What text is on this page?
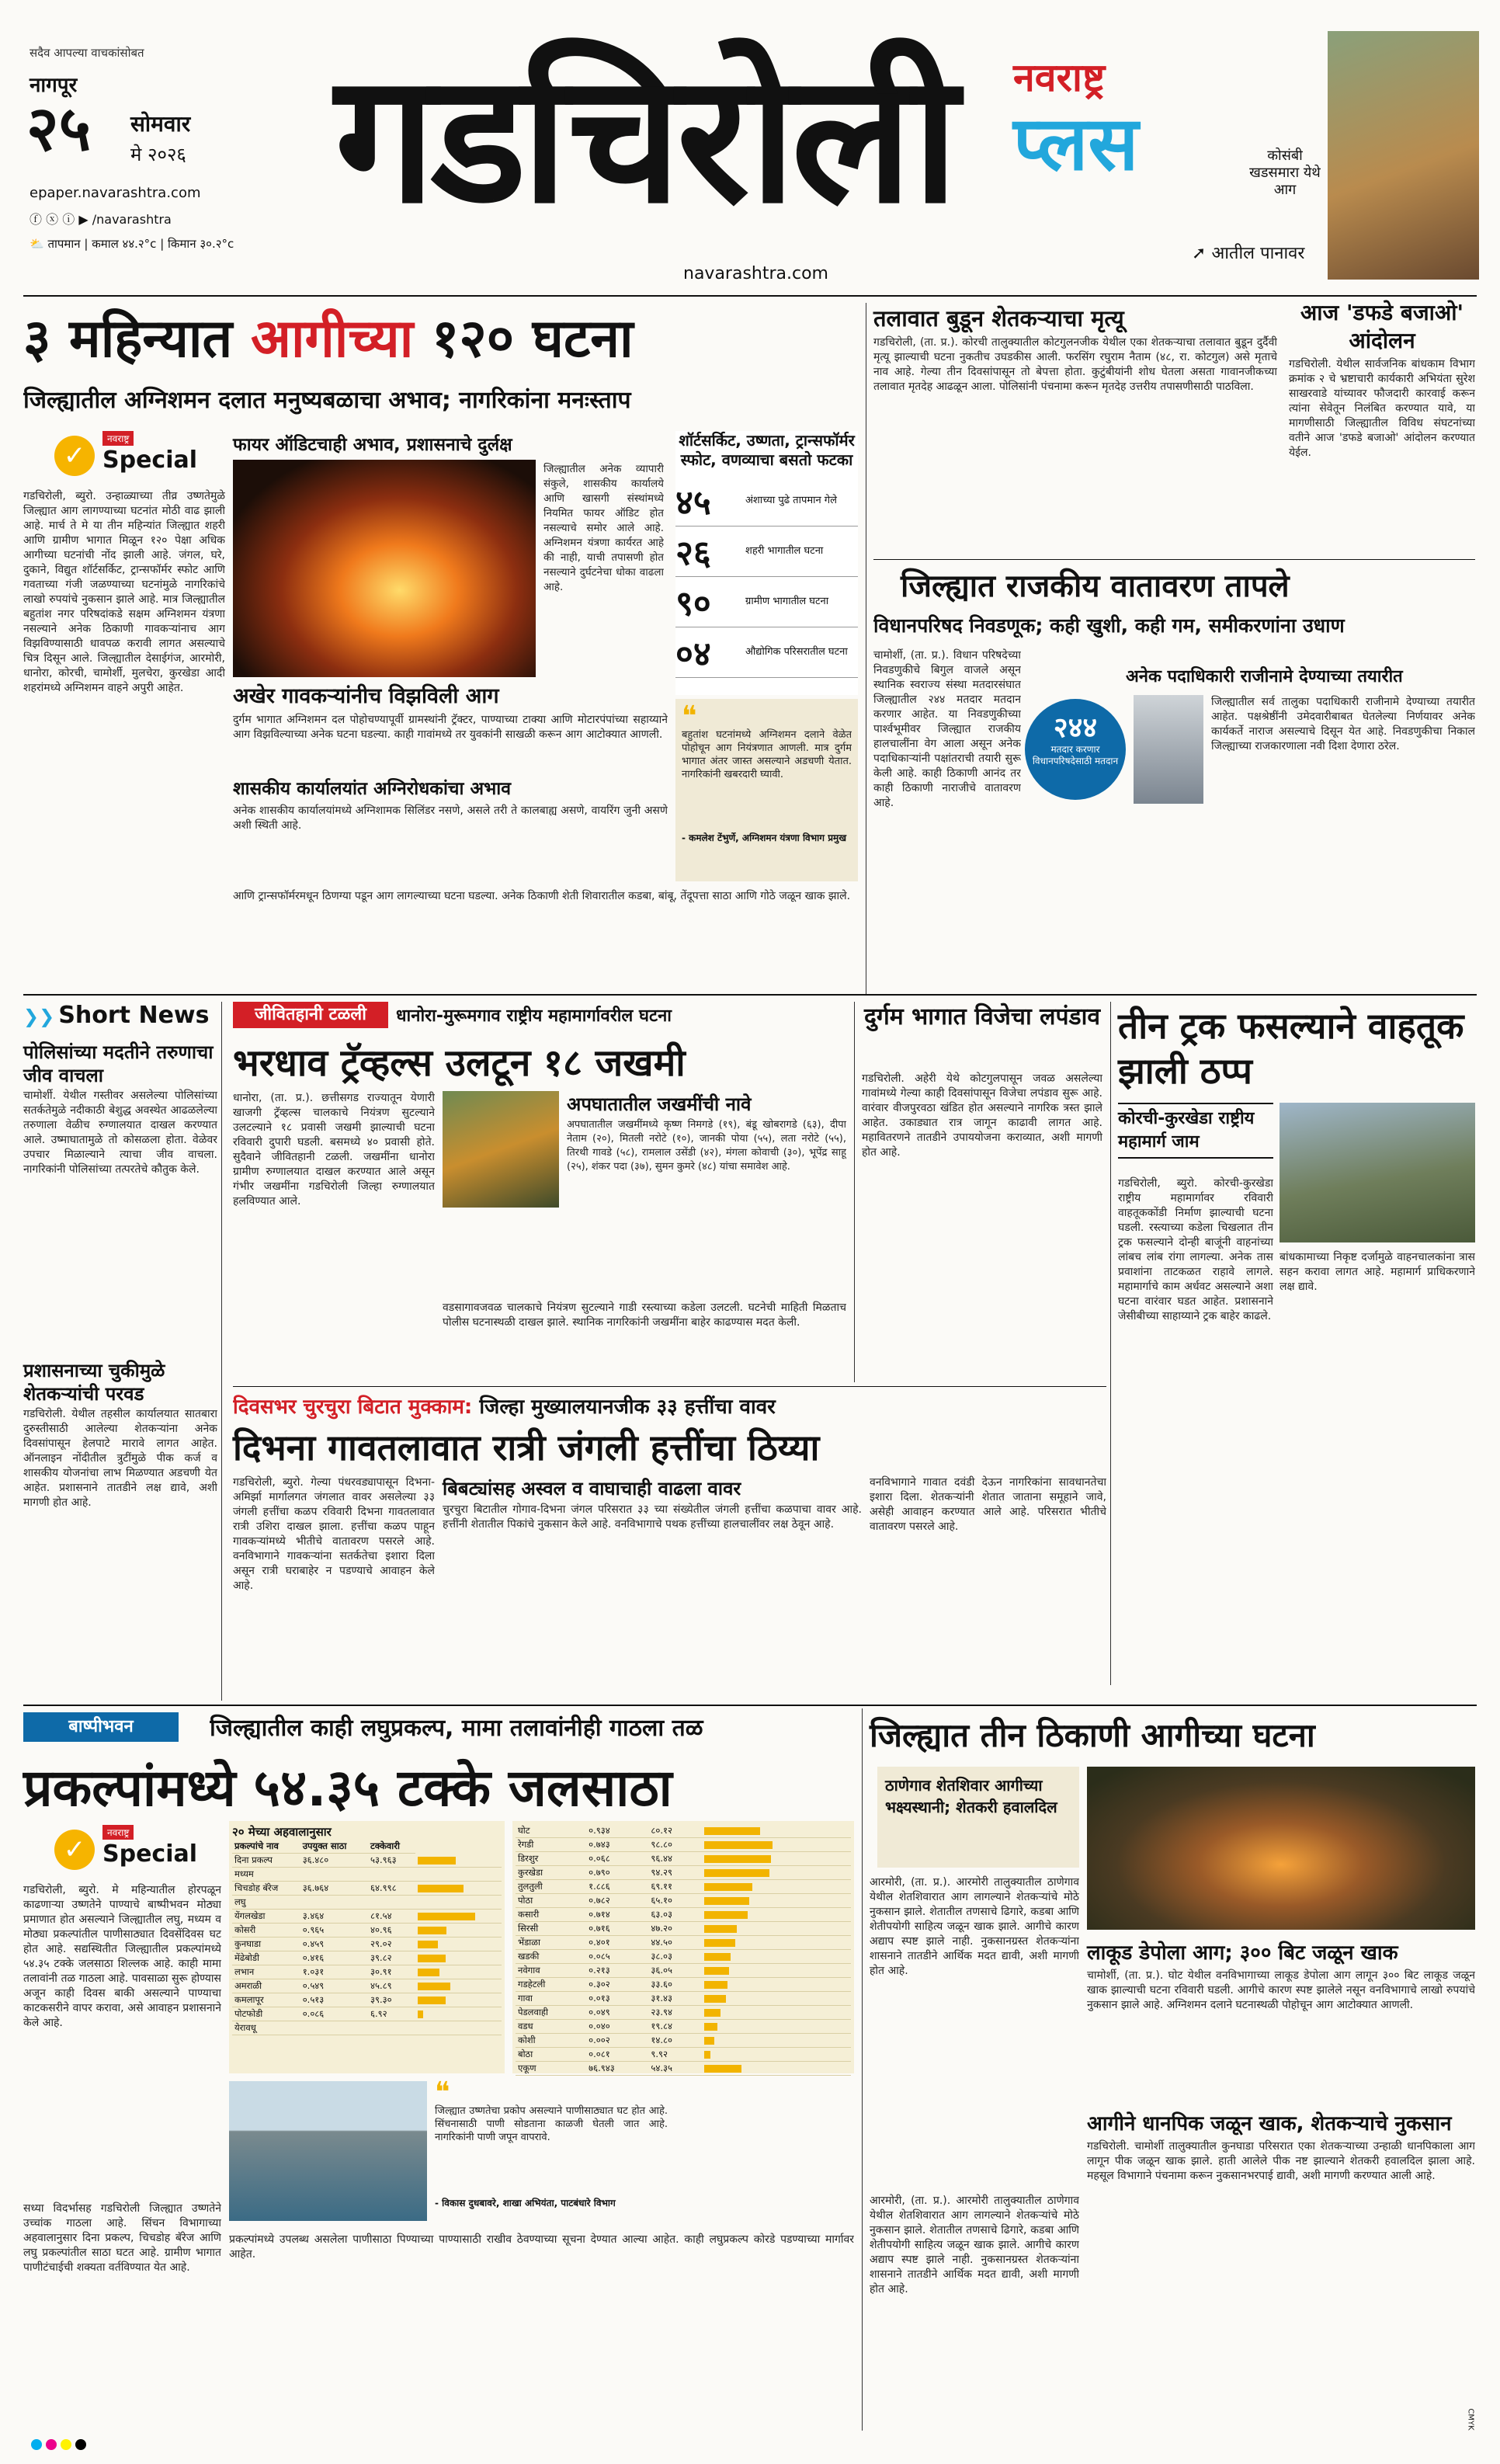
सदैव आपल्या वाचकांसोबत
नागपूर
२५ सोमवार
मे २०२६
epaper.navarashtra.com
ⓕ ⓧ ⓘ ▶ /navarashtra
⛅ तापमान | कमाल ४४.२°c | किमान ३०.२°c
गडचिरोली
navarashtra.com
नवराष्ट्र
प्लस
➚ आतील पानावर
कोसंबी खडसमारा येथे आग
३ महिन्यात आगीच्या १२० घटना
जिल्ह्यातील अग्निशमन दलात मनुष्यबळाचा अभाव; नागरिकांना मनःस्ताप
✓
नवराष्ट्र
Special
गडचिरोली, ब्युरो. उन्हाळ्याच्या तीव्र उष्णतेमुळे जिल्ह्यात आग लागण्याच्या घटनांत मोठी वाढ झाली आहे. मार्च ते मे या तीन महिन्यांत जिल्ह्यात शहरी आणि ग्रामीण भागात मिळून १२० पेक्षा अधिक आगीच्या घटनांची नोंद झाली आहे. जंगल, घरे, दुकाने, विद्युत शॉर्टसर्किट, ट्रान्सफॉर्मर स्फोट आणि गवताच्या गंजी जळण्याच्या घटनांमुळे नागरिकांचे लाखो रुपयांचे नुकसान झाले आहे. मात्र जिल्ह्यातील बहुतांश नगर परिषदांकडे सक्षम अग्निशमन यंत्रणा नसल्याने अनेक ठिकाणी गावकऱ्यांनाच आग विझविण्यासाठी धावपळ करावी लागत असल्याचे चित्र दिसून आले. जिल्ह्यातील देसाईगंज, आरमोरी, धानोरा, कोरची, चामोर्शी, मुलचेरा, कुरखेडा आदी शहरांमध्ये अग्निशमन वाहने अपुरी आहेत.
फायर ऑडिटचाही अभाव, प्रशासनाचे दुर्लक्ष
जिल्ह्यातील अनेक व्यापारी संकुले, शासकीय कार्यालये आणि खासगी संस्थांमध्ये नियमित फायर ऑडिट होत नसल्याचे समोर आले आहे. अग्निशमन यंत्रणा कार्यरत आहे की नाही, याची तपासणी होत नसल्याने दुर्घटनेचा धोका वाढला आहे.
शॉर्टसर्किट, उष्णता, ट्रान्सफॉर्मर स्फोट, वणव्याचा बसतो फटका
४५	अंशाच्या पुढे तापमान गेले
२६	शहरी भागातील घटना
९०	ग्रामीण भागातील घटना
०४	औद्योगिक परिसरातील घटना
अखेर गावकऱ्यांनीच विझविली आग
दुर्गम भागात अग्निशमन दल पोहोचण्यापूर्वी ग्रामस्थांनी ट्रॅक्टर, पाण्याच्या टाक्या आणि मोटारपंपांच्या सहाय्याने आग विझविल्याच्या अनेक घटना घडल्या. काही गावांमध्ये तर युवकांनी साखळी करून आग आटोक्यात आणली.
शासकीय कार्यालयांत अग्निरोधकांचा अभाव
अनेक शासकीय कार्यालयांमध्ये अग्निशामक सिलिंडर नसणे, असले तरी ते कालबाह्य असणे, वायरिंग जुनी असणे अशी स्थिती आहे.
❝
बहुतांश घटनांमध्ये अग्निशमन दलाने वेळेत पोहोचून आग नियंत्रणात आणली. मात्र दुर्गम भागात अंतर जास्त असल्याने अडचणी येतात. नागरिकांनी खबरदारी घ्यावी.
- कमलेश टेंभुर्णे, अग्निशमन यंत्रणा विभाग प्रमुख
आणि ट्रान्सफॉर्मरमधून ठिणग्या पडून आग लागल्याच्या घटना घडल्या. अनेक ठिकाणी शेती शिवारातील कडबा, बांबू, तेंदूपत्ता साठा आणि गोठे जळून खाक झाले.
तलावात बुडून शेतकऱ्याचा मृत्यू
गडचिरोली, (ता. प्र.). कोरची तालुक्यातील कोटगुलनजीक येथील एका शेतकऱ्याचा तलावात बुडून दुर्दैवी मृत्यू झाल्याची घटना नुकतीच उघडकीस आली. फरसिंग रघुराम नैताम (४८, रा. कोटगुल) असे मृताचे नाव आहे. गेल्या तीन दिवसांपासून तो बेपत्ता होता. कुटुंबीयांनी शोध घेतला असता गावानजीकच्या तलावात मृतदेह आढळून आला. पोलिसांनी पंचनामा करून मृतदेह उत्तरीय तपासणीसाठी पाठविला.
आज 'डफडे बजाओ' आंदोलन
गडचिरोली. येथील सार्वजनिक बांधकाम विभाग क्रमांक २ चे भ्रष्टाचारी कार्यकारी अभियंता सुरेश साखरवाडे यांच्यावर फौजदारी कारवाई करून त्यांना सेवेतून निलंबित करण्यात यावे, या मागणीसाठी जिल्ह्यातील विविध संघटनांच्या वतीने आज 'डफडे बजाओ' आंदोलन करण्यात येईल.
जिल्ह्यात राजकीय वातावरण तापले
विधानपरिषद निवडणूक; कही खुशी, कही गम, समीकरणांना उधाण
चामोर्शी, (ता. प्र.). विधान परिषदेच्या निवडणुकीचे बिगुल वाजले असून स्थानिक स्वराज्य संस्था मतदारसंघात जिल्ह्यातील २४४ मतदार मतदान करणार आहेत. या निवडणुकीच्या पार्श्वभूमीवर जिल्ह्यात राजकीय हालचालींना वेग आला असून अनेक पदाधिकाऱ्यांनी पक्षांतराची तयारी सुरू केली आहे. काही ठिकाणी आनंद तर काही ठिकाणी नाराजीचे वातावरण आहे.
२४४
मतदार करणार विधानपरिषदेसाठी मतदान
अनेक पदाधिकारी राजीनामे देण्याच्या तयारीत
जिल्ह्यातील सर्व तालुका पदाधिकारी राजीनामे देण्याच्या तयारीत आहेत. पक्षश्रेष्ठींनी उमेदवारीबाबत घेतलेल्या निर्णयावर अनेक कार्यकर्ते नाराज असल्याचे दिसून येत आहे. निवडणुकीचा निकाल जिल्ह्याच्या राजकारणाला नवी दिशा देणारा ठरेल.
❯❯ Short News
पोलिसांच्या मदतीने तरुणाचा जीव वाचला
चामोर्शी. येथील गस्तीवर असलेल्या पोलिसांच्या सतर्कतेमुळे नदीकाठी बेशुद्ध अवस्थेत आढळलेल्या तरुणाला वेळीच रुग्णालयात दाखल करण्यात आले. उष्माघातामुळे तो कोसळला होता. वेळेवर उपचार मिळाल्याने त्याचा जीव वाचला. नागरिकांनी पोलिसांच्या तत्परतेचे कौतुक केले.
प्रशासनाच्या चुकीमुळे शेतकऱ्यांची परवड
गडचिरोली. येथील तहसील कार्यालयात सातबारा दुरुस्तीसाठी आलेल्या शेतकऱ्यांना अनेक दिवसांपासून हेलपाटे मारावे लागत आहेत. ऑनलाइन नोंदीतील त्रुटींमुळे पीक कर्ज व शासकीय योजनांचा लाभ मिळण्यात अडचणी येत आहेत. प्रशासनाने तातडीने लक्ष द्यावे, अशी मागणी होत आहे.
जीवितहानी टळली	धानोरा-मुरूमगाव राष्ट्रीय महामार्गावरील घटना
भरधाव ट्रॅव्हल्स उलटून १८ जखमी
धानोरा, (ता. प्र.). छत्तीसगड राज्यातून येणारी खाजगी ट्रॅव्हल्स चालकाचे नियंत्रण सुटल्याने उलटल्याने १८ प्रवासी जखमी झाल्याची घटना रविवारी दुपारी घडली. बसमध्ये ४० प्रवासी होते. सुदैवाने जीवितहानी टळली. जखमींना धानोरा ग्रामीण रुग्णालयात दाखल करण्यात आले असून गंभीर जखमींना गडचिरोली जिल्हा रुग्णालयात हलविण्यात आले.
अपघातातील जखमींची नावे
अपघातातील जखमींमध्ये कृष्ण निमगडे (१९), बंडू खोबरागडे (६३), दीपा नेताम (२०), मितली नरोटे (१०), जानकी पोया (५५), लता नरोटे (५५), तिरथी गावडे (५८), रामलाल उसेंडी (४२), मंगला कोवाची (३०), भूपेंद्र साहू (२५), शंकर पदा (३७), सुमन कुमरे (४८) यांचा समावेश आहे.
वडसागावजवळ चालकाचे नियंत्रण सुटल्याने गाडी रस्त्याच्या कडेला उलटली. घटनेची माहिती मिळताच पोलीस घटनास्थळी दाखल झाले. स्थानिक नागरिकांनी जखमींना बाहेर काढण्यास मदत केली.
दुर्गम भागात विजेचा लपंडाव
गडचिरोली. अहेरी येथे कोटगुलपासून जवळ असलेल्या गावांमध्ये गेल्या काही दिवसांपासून विजेचा लपंडाव सुरू आहे. वारंवार वीजपुरवठा खंडित होत असल्याने नागरिक त्रस्त झाले आहेत. उकाड्यात रात्र जागून काढावी लागत आहे. महावितरणने तातडीने उपाययोजना कराव्यात, अशी मागणी होत आहे.
तीन ट्रक फसल्याने वाहतूक झाली ठप्प
कोरची-कुरखेडा राष्ट्रीय महामार्ग जाम
गडचिरोली, ब्युरो. कोरची-कुरखेडा राष्ट्रीय महामार्गावर रविवारी वाहतूककोंडी निर्माण झाल्याची घटना घडली. रस्त्याच्या कडेला चिखलात तीन ट्रक फसल्याने दोन्ही बाजूंनी वाहनांच्या लांबच लांब रांगा लागल्या. अनेक तास प्रवाशांना ताटकळत राहावे लागले. महामार्गाचे काम अर्धवट असल्याने अशा घटना वारंवार घडत आहेत. प्रशासनाने जेसीबीच्या साहाय्याने ट्रक बाहेर काढले.
बांधकामाच्या निकृष्ट दर्जामुळे वाहनचालकांना त्रास सहन करावा लागत आहे. महामार्ग प्राधिकरणाने लक्ष द्यावे.
दिवसभर चुरचुरा बिटात मुक्काम: जिल्हा मुख्यालयानजीक ३३ हत्तींचा वावर
दिभना गावतलावात रात्री जंगली हत्तींचा ठिय्या
गडचिरोली, ब्युरो. गेल्या पंधरवड्यापासून दिभना-अमिर्झा मार्गालगत जंगलात वावर असलेल्या ३३ जंगली हत्तींचा कळप रविवारी दिभना गावतलावात रात्री उशिरा दाखल झाला. हत्तींचा कळप पाहून गावकऱ्यांमध्ये भीतीचे वातावरण पसरले आहे. वनविभागाने गावकऱ्यांना सतर्कतेचा इशारा दिला असून रात्री घराबाहेर न पडण्याचे आवाहन केले आहे.
बिबट्यांसह अस्वल व वाघाचाही वाढला वावर
चुरचुरा बिटातील गोगाव-दिभना जंगल परिसरात ३३ च्या संख्येतील जंगली हत्तींचा कळपाचा वावर आहे. हत्तींनी शेतातील पिकांचे नुकसान केले आहे. वनविभागाचे पथक हत्तींच्या हालचालींवर लक्ष ठेवून आहे.
वनविभागाने गावात दवंडी देऊन नागरिकांना सावधानतेचा इशारा दिला. शेतकऱ्यांनी शेतात जाताना समूहाने जावे, असेही आवाहन करण्यात आले आहे. परिसरात भीतीचे वातावरण पसरले आहे.
बाष्पीभवन	जिल्ह्यातील काही लघुप्रकल्प, मामा तलावांनीही गाठला तळ
प्रकल्पांमध्ये ५४.३५ टक्के जलसाठा
✓
नवराष्ट्र
Special
गडचिरोली, ब्युरो. मे महिन्यातील होरपळून काढणाऱ्या उष्णतेने पाण्याचे बाष्पीभवन मोठ्या प्रमाणात होत असल्याने जिल्ह्यातील लघु, मध्यम व मोठ्या प्रकल्पांतील पाणीसाठ्यात दिवसेंदिवस घट होत आहे. सद्यस्थितीत जिल्ह्यातील प्रकल्पांमध्ये ५४.३५ टक्के जलसाठा शिल्लक आहे. काही मामा तलावांनी तळ गाठला आहे. पावसाळा सुरू होण्यास अजून काही दिवस बाकी असल्याने पाण्याचा काटकसरीने वापर करावा, असे आवाहन प्रशासनाने केले आहे.
सध्या विदर्भासह गडचिरोली जिल्ह्यात उष्णतेने उच्चांक गाठला आहे. सिंचन विभागाच्या अहवालानुसार दिना प्रकल्प, चिचडोह बॅरेज आणि लघु प्रकल्पांतील साठा घटत आहे. ग्रामीण भागात पाणीटंचाईची शक्यता वर्तविण्यात येत आहे.
२० मेच्या अहवालानुसार
प्रकल्पांचे नाव	उपयुक्त साठा	टक्केवारी	
दिना प्रकल्प	३६.४८०	५३.९६३	
मध्यम			
चिचडोह बॅरेज	३६.७६४	६४.९९८	
लघु			
येंगलखेडा	३.४६४	८१.५४	
कोसरी	०.९६५	४०.९६	
कुनघाडा	०.४५९	२९.०२	
मेंढेबोडी	०.४१६	३९.८२	
लभान	१.०३१	३०.९१	
अमराळी	०.५४९	४५.८९	
कमलापूर	०.५१३	३९.३०	
पोटफोडी	०.०८६	६.९२	
येरावधू			
घोट	०.९३४	८०.१२	
रेगडी	०.७४३	९८.८०	
डिरशुर	०.०६८	९६.४४	
कुरखेडा	०.७९०	९४.२९	
तुलतुली	१.८८६	६९.११	
पोठा	०.७८२	६५.१०	
कसारी	०.७१४	६३.०३	
सिरसी	०.७१६	४७.२०	
भेंडाळा	०.४०१	४४.५०	
खडकी	०.०८५	३८.०३	
नवेगाव	०.२१३	३६.०५	
गडहेटली	०.३०२	३३.६०	
गावा	०.०१३	३१.४३	
पेडलवाही	०.०४९	२३.९४	
वडध	०.०४०	१९.८४	
कोशी	०.००२	१४.८०	
बोठा	०.०८१	९.९२	
एकूण	७६.९४३	५४.३५	
❝
जिल्ह्यात उष्णतेचा प्रकोप असल्याने पाणीसाठ्यात घट होत आहे. सिंचनासाठी पाणी सोडताना काळजी घेतली जात आहे. नागरिकांनी पाणी जपून वापरावे.
- विकास दुधबावरे, शाखा अभियंता, पाटबंधारे विभाग
प्रकल्पांमध्ये उपलब्ध असलेला पाणीसाठा पिण्याच्या पाण्यासाठी राखीव ठेवण्याच्या सूचना देण्यात आल्या आहेत. काही लघुप्रकल्प कोरडे पडण्याच्या मार्गावर आहेत.
जिल्ह्यात तीन ठिकाणी आगीच्या घटना
ठाणेगाव शेतशिवार आगीच्या भक्ष्यस्थानी; शेतकरी हवालदिल
आरमोरी, (ता. प्र.). आरमोरी तालुक्यातील ठाणेगाव येथील शेतशिवारात आग लागल्याने शेतकऱ्यांचे मोठे नुकसान झाले. शेतातील तणसाचे ढिगारे, कडबा आणि शेतीपयोगी साहित्य जळून खाक झाले. आगीचे कारण अद्याप स्पष्ट झाले नाही. नुकसानग्रस्त शेतकऱ्यांना शासनाने तातडीने आर्थिक मदत द्यावी, अशी मागणी होत आहे.
लाकूड डेपोला आग; ३०० बिट जळून खाक
चामोर्शी, (ता. प्र.). घोट येथील वनविभागाच्या लाकूड डेपोला आग लागून ३०० बिट लाकूड जळून खाक झाल्याची घटना रविवारी घडली. आगीचे कारण स्पष्ट झालेले नसून वनविभागाचे लाखो रुपयांचे नुकसान झाले आहे. अग्निशमन दलाने घटनास्थळी पोहोचून आग आटोक्यात आणली.
आगीने धानपिक जळून खाक, शेतकऱ्याचे नुकसान
गडचिरोली. चामोर्शी तालुक्यातील कुनघाडा परिसरात एका शेतकऱ्याच्या उन्हाळी धानपिकाला आग लागून पीक जळून खाक झाले. हाती आलेले पीक नष्ट झाल्याने शेतकरी हवालदिल झाला आहे. महसूल विभागाने पंचनामा करून नुकसानभरपाई द्यावी, अशी मागणी करण्यात आली आहे.
आरमोरी, (ता. प्र.). आरमोरी तालुक्यातील ठाणेगाव येथील शेतशिवारात आग लागल्याने शेतकऱ्यांचे मोठे नुकसान झाले. शेतातील तणसाचे ढिगारे, कडबा आणि शेतीपयोगी साहित्य जळून खाक झाले. आगीचे कारण अद्याप स्पष्ट झाले नाही. नुकसानग्रस्त शेतकऱ्यांना शासनाने तातडीने आर्थिक मदत द्यावी, अशी मागणी होत आहे.

CMYK
